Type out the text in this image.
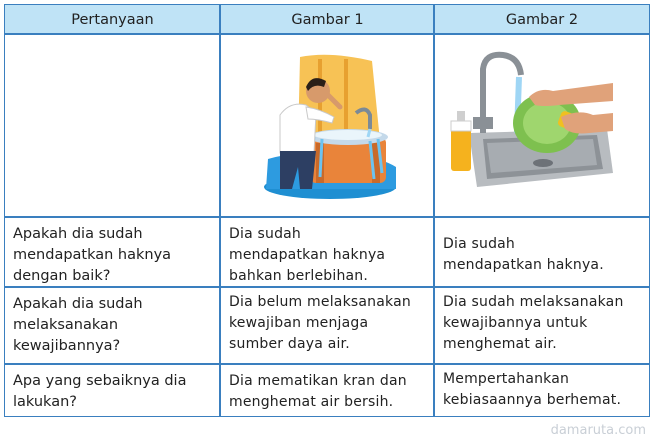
Pertanyaan	Gambar 1	Gambar 2
Apakah dia sudah
mendapatkan haknya
dengan baik?
Dia sudah
mendapatkan haknya
bahkan berlebihan.
Dia sudah
mendapatkan haknya.
Apakah dia sudah
melaksanakan
kewajibannya?
Dia belum melaksanakan
kewajiban menjaga
sumber daya air.
Dia sudah melaksanakan
kewajibannya untuk
menghemat air.
Apa yang sebaiknya dia
lakukan?
Dia mematikan kran dan
menghemat air bersih.
Mempertahankan
kebiasaannya berhemat.
damaruta.com
